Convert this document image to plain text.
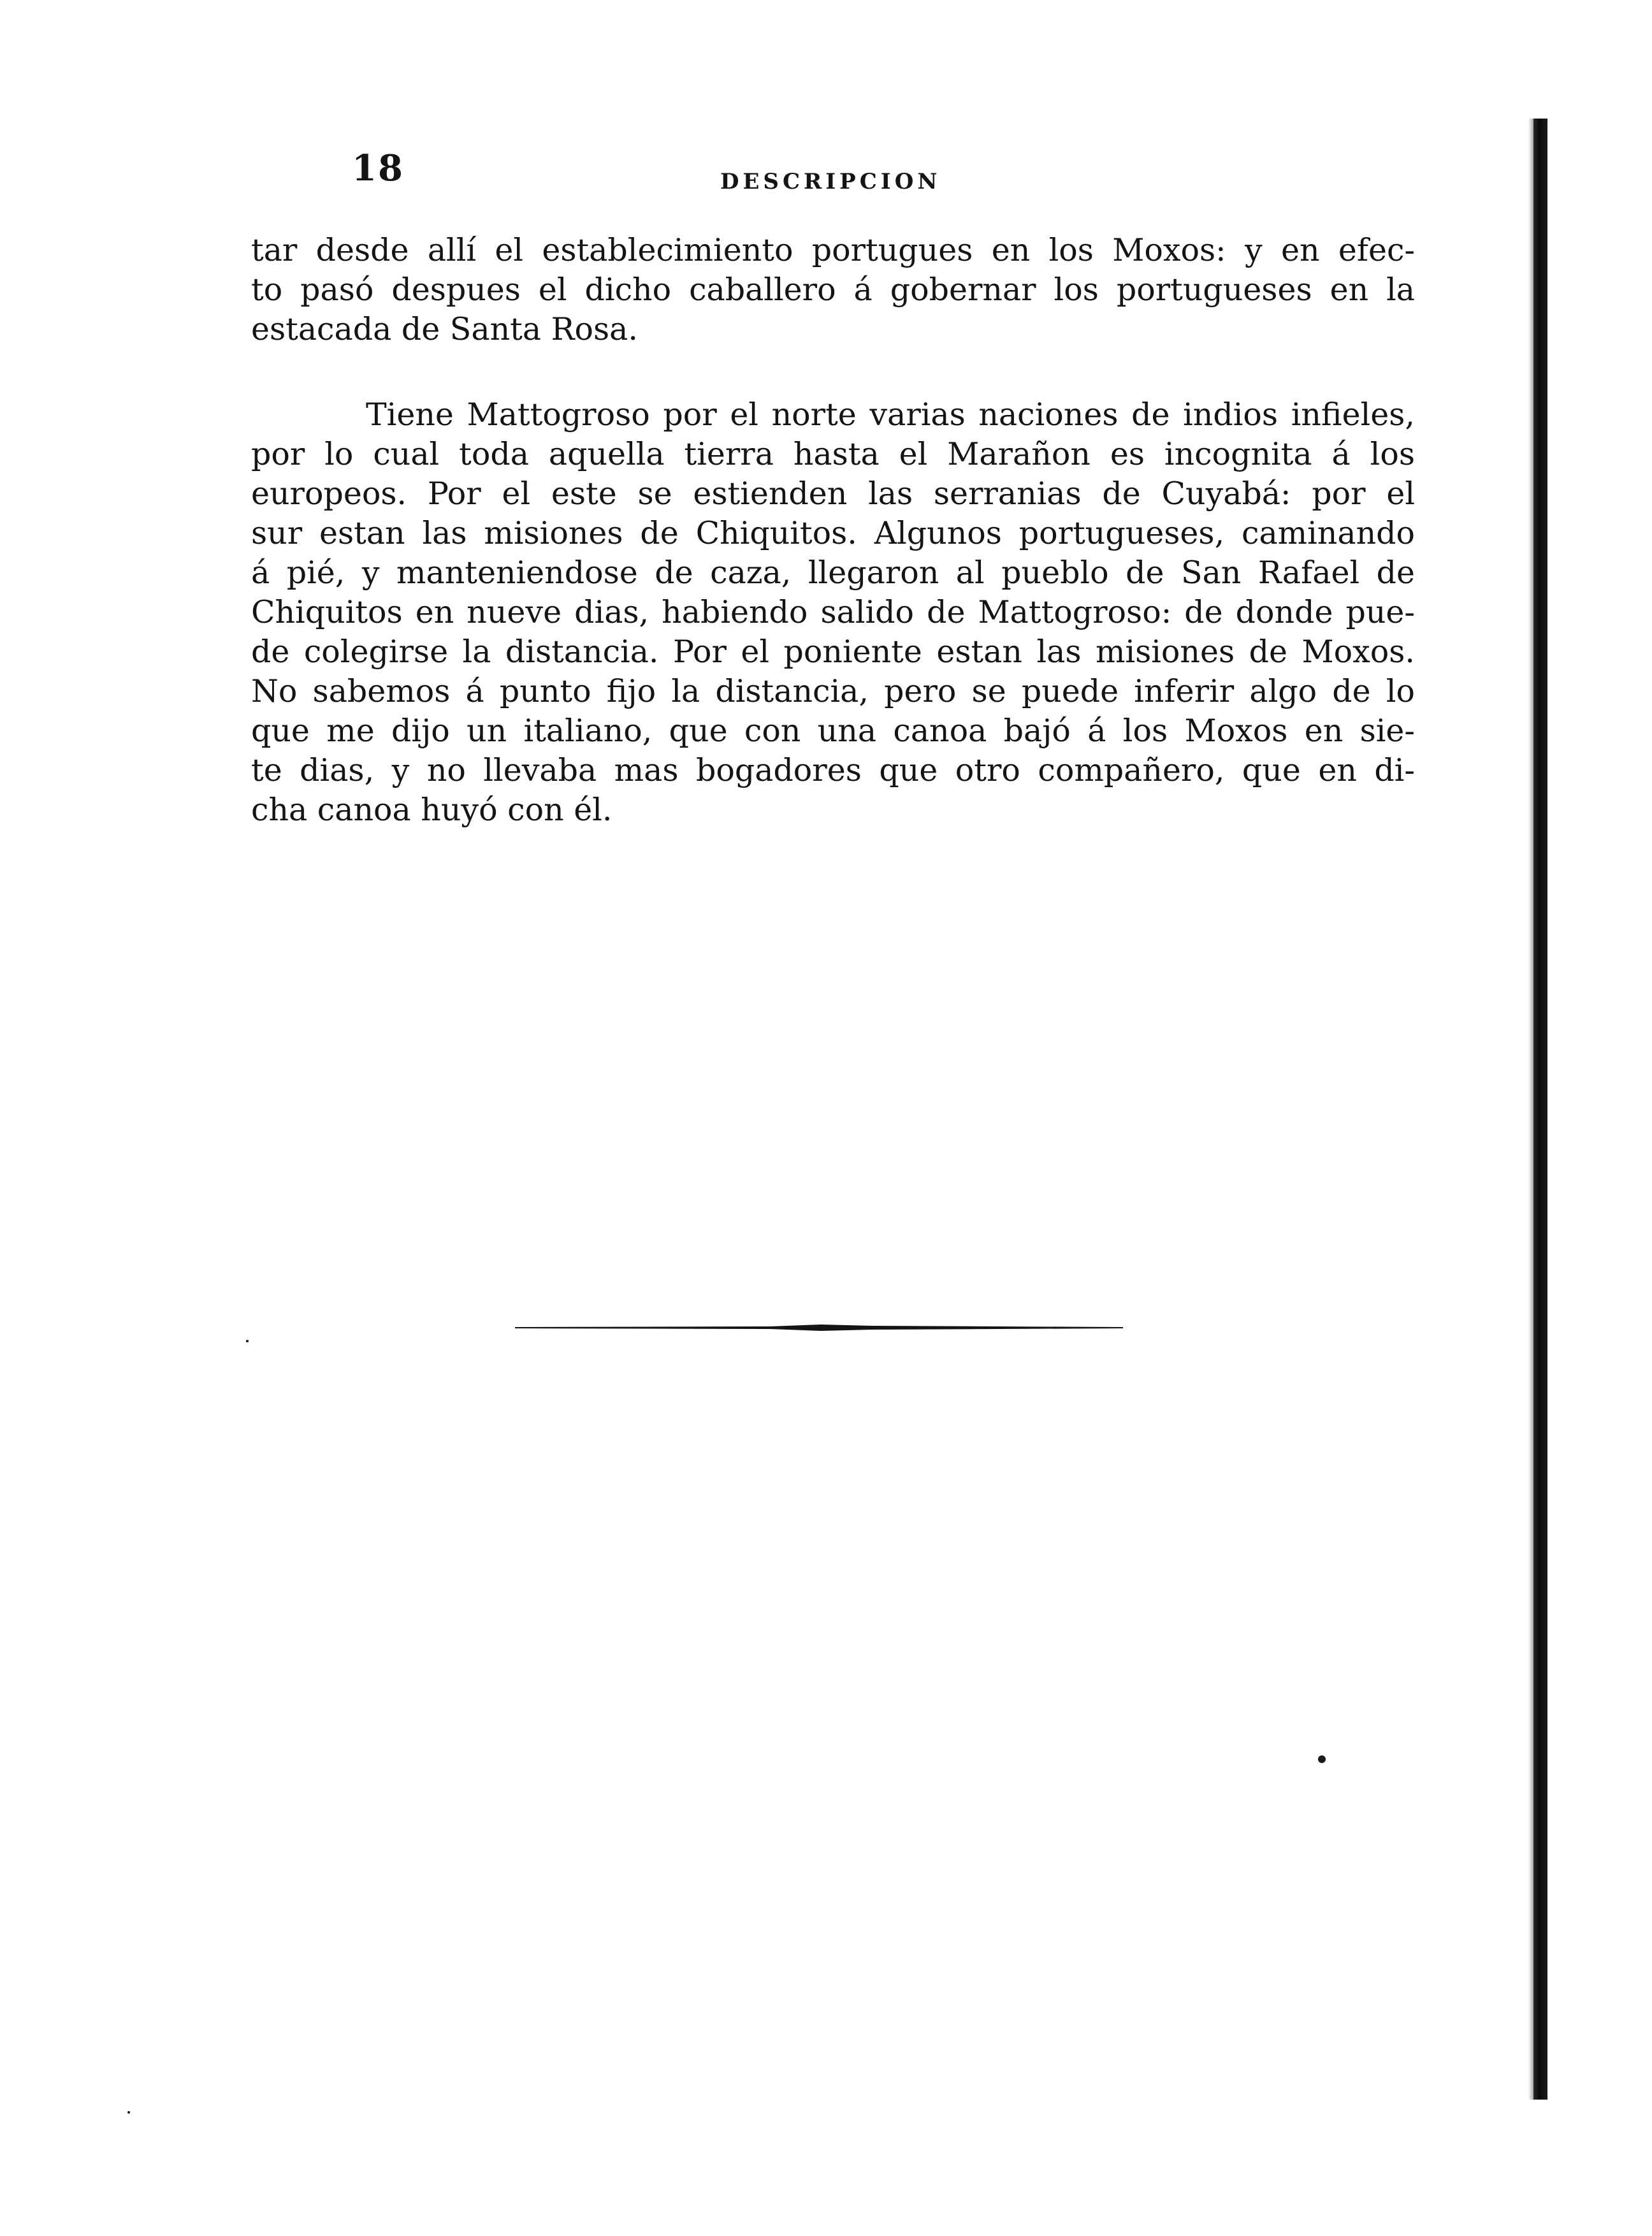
18	DESCRIPCION
tar desde allí el establecimiento portugues en los Moxos: y en efec-
to pasó despues el dicho caballero á gobernar los portugueses en la
estacada de Santa Rosa.
Tiene Mattogroso por el norte varias naciones de indios infieles,
por lo cual toda aquella tierra hasta el Marañon es incognita á los
europeos. Por el este se estienden las serranias de Cuyabá: por el
sur estan las misiones de Chiquitos. Algunos portugueses, caminando
á pié, y manteniendose de caza, llegaron al pueblo de San Rafael de
Chiquitos en nueve dias, habiendo salido de Mattogroso: de donde pue-
de colegirse la distancia. Por el poniente estan las misiones de Moxos.
No sabemos á punto fijo la distancia, pero se puede inferir algo de lo
que me dijo un italiano, que con una canoa bajó á los Moxos en sie-
te dias, y no llevaba mas bogadores que otro compañero, que en di-
cha canoa huyó con él.
